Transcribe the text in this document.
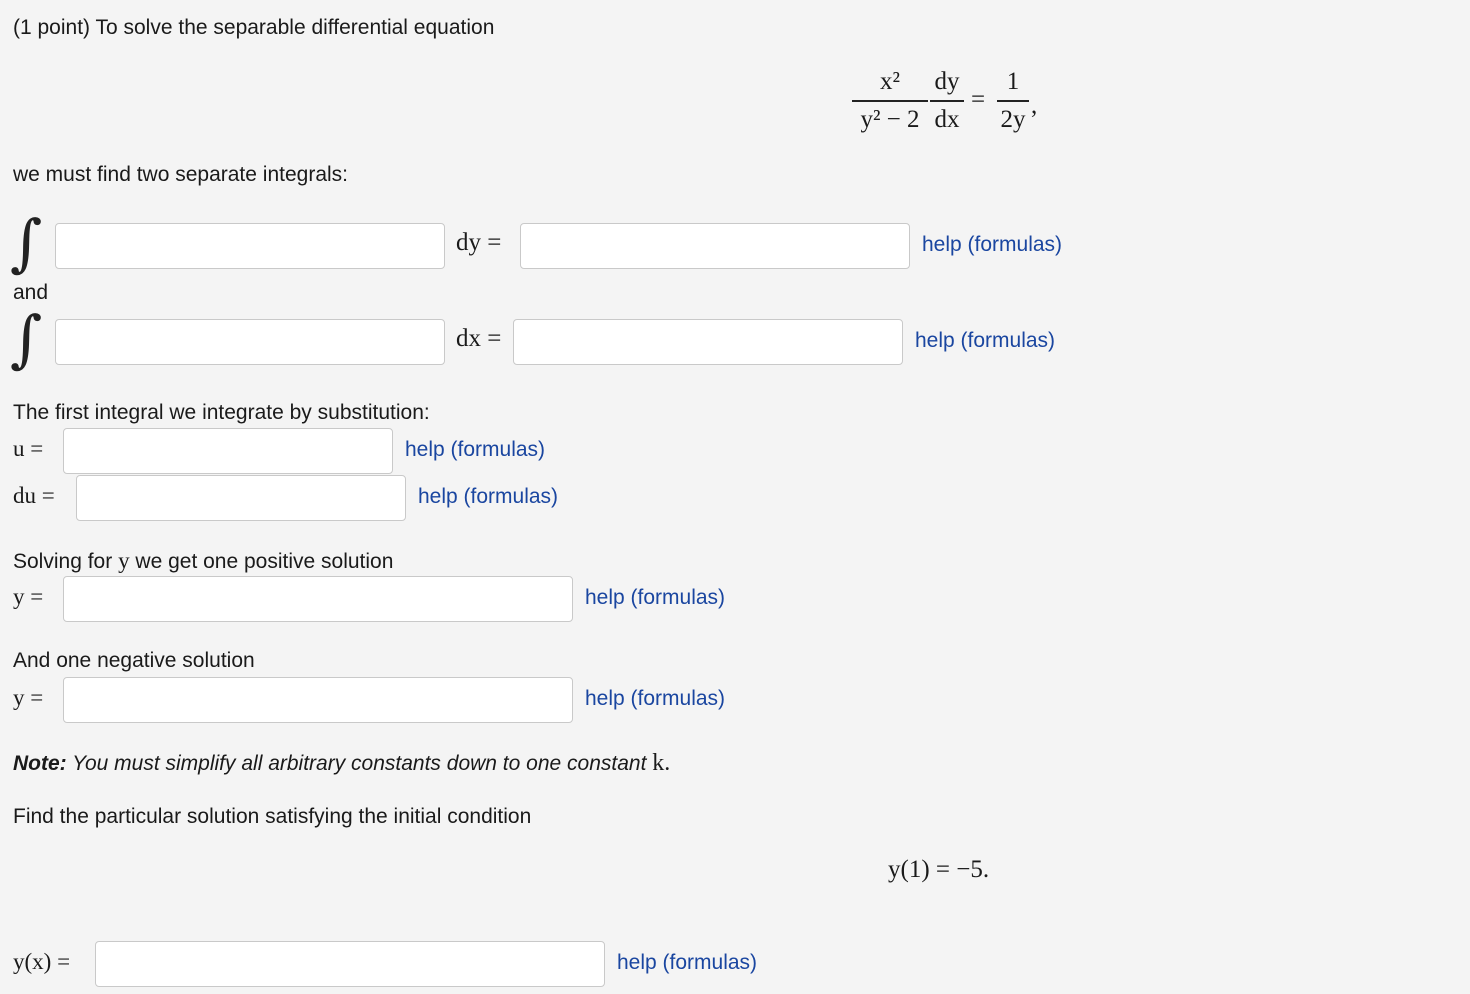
(1 point) To solve the separable differential equation
x²
y² − 2
dy
dx
=
1
2y
,
we must find two separate integrals:
∫	dy =	help (formulas)
and
∫	dx =	help (formulas)
The first integral we integrate by substitution:
u =	help (formulas)
du =	help (formulas)
Solving for y we get one positive solution
y =	help (formulas)
And one negative solution
y =	help (formulas)
Note: You must simplify all arbitrary constants down to one constant k.
Find the particular solution satisfying the initial condition
y(1) = −5.
y(x) =	help (formulas)
